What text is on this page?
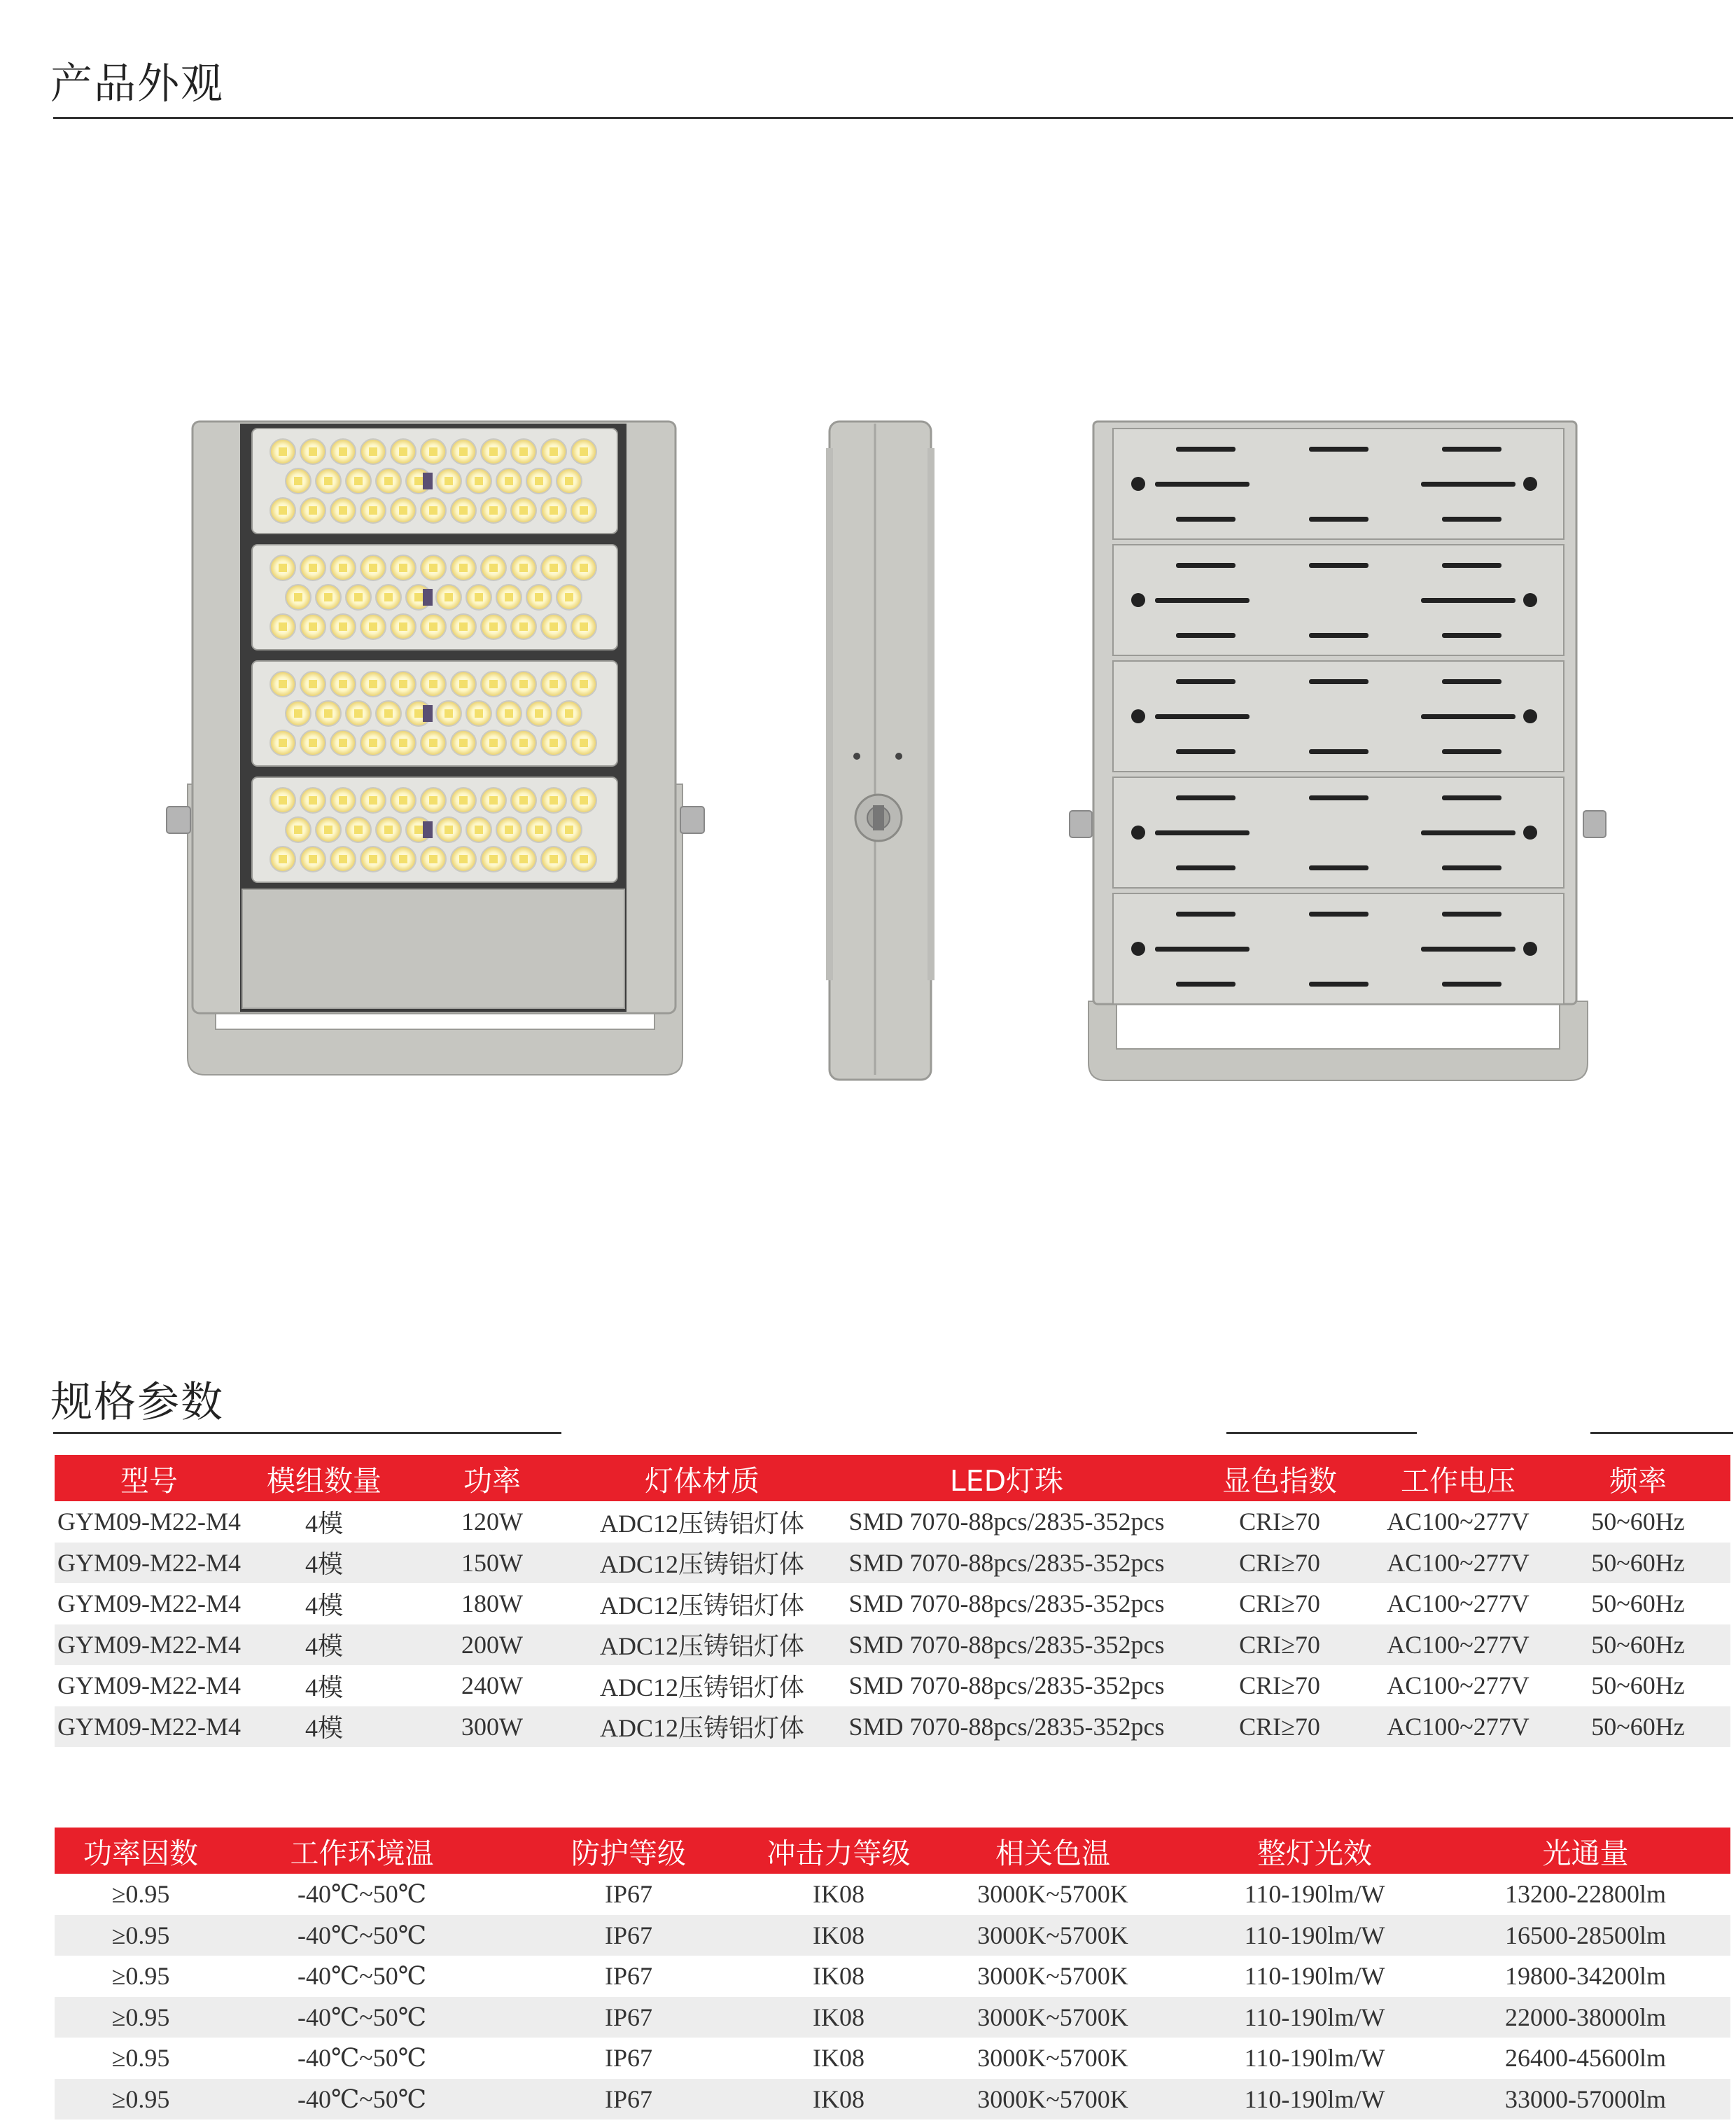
产品外观
规格参数
型号	模组数量	功率	灯体材质	LED灯珠	显色指数	工作电压	频率
GYM09-M22-M4	4模	120W	ADC12压铸铝灯体	SMD 7070-88pcs/2835-352pcs	CRI≥70	AC100~277V	50~60Hz
GYM09-M22-M4	4模	150W	ADC12压铸铝灯体	SMD 7070-88pcs/2835-352pcs	CRI≥70	AC100~277V	50~60Hz
GYM09-M22-M4	4模	180W	ADC12压铸铝灯体	SMD 7070-88pcs/2835-352pcs	CRI≥70	AC100~277V	50~60Hz
GYM09-M22-M4	4模	200W	ADC12压铸铝灯体	SMD 7070-88pcs/2835-352pcs	CRI≥70	AC100~277V	50~60Hz
GYM09-M22-M4	4模	240W	ADC12压铸铝灯体	SMD 7070-88pcs/2835-352pcs	CRI≥70	AC100~277V	50~60Hz
GYM09-M22-M4	4模	300W	ADC12压铸铝灯体	SMD 7070-88pcs/2835-352pcs	CRI≥70	AC100~277V	50~60Hz
功率因数	工作环境温	防护等级	冲击力等级	相关色温	整灯光效	光通量
≥0.95	-40℃~50℃	IP67	IK08	3000K~5700K	110-190lm/W	13200-22800lm
≥0.95	-40℃~50℃	IP67	IK08	3000K~5700K	110-190lm/W	16500-28500lm
≥0.95	-40℃~50℃	IP67	IK08	3000K~5700K	110-190lm/W	19800-34200lm
≥0.95	-40℃~50℃	IP67	IK08	3000K~5700K	110-190lm/W	22000-38000lm
≥0.95	-40℃~50℃	IP67	IK08	3000K~5700K	110-190lm/W	26400-45600lm
≥0.95	-40℃~50℃	IP67	IK08	3000K~5700K	110-190lm/W	33000-57000lm
